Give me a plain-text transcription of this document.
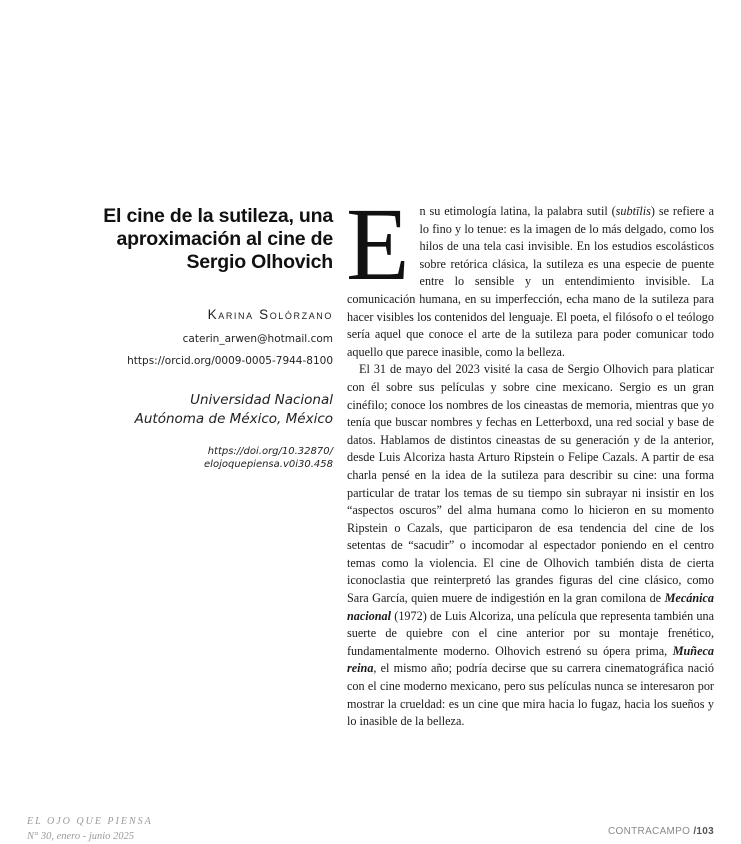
El cine de la sutileza, una aproximación al cine de Sergio Olhovich
Karina Solórzano
caterin_arwen@hotmail.com
https://orcid.org/0009-0005-7944-8100
Universidad Nacional
Autónoma de México, México
https://doi.org/10.32870/
elojoquepiensa.v0i30.458

En su etimología latina, la palabra sutil (subtīlis) se refiere a lo fino y lo tenue: es la imagen de lo más delgado, como los hilos de una tela casi invisible. En los estudios escolásticos sobre retórica clásica, la sutileza es una especie de puente entre lo sensible y un entendimiento invisible. La comunicación humana, en su imperfección, echa mano de la sutileza para hacer visibles los contenidos del lenguaje. El poeta, el filósofo o el teólogo sería aquel que conoce el arte de la sutileza para poder comunicar todo aquello que parece inasible, como la belleza.

El 31 de mayo del 2023 visité la casa de Sergio Olhovich para platicar con él sobre sus películas y sobre cine mexicano. Sergio es un gran cinéfilo; conoce los nombres de los cineastas de memoria, mientras que yo tenía que buscar nombres y fechas en Letterboxd, una red social y base de datos. Hablamos de distintos cineastas de su generación y de la anterior, desde Luis Alcoriza hasta Arturo Ripstein o Felipe Cazals. A partir de esa charla pensé en la idea de la sutileza para describir su cine: una forma particular de tratar los temas de su tiempo sin subrayar ni insistir en los “aspectos oscuros” del alma humana como lo hicieron en su momento Ripstein o Cazals, que participaron de esa tendencia del cine de los setentas de “sacudir” o incomodar al espectador poniendo en el centro temas como la violencia. El cine de Olhovich también dista de cierta iconoclastia que reinterpretó las grandes figuras del cine clásico, como Sara García, quien muere de indigestión en la gran comilona de Mecánica nacional (1972) de Luis Alcoriza, una película que representa también una suerte de quiebre con el cine anterior por su montaje frenético, fundamentalmente moderno. Olhovich estrenó su ópera prima, Muñeca reina, el mismo año; podría decirse que su carrera cinematográfica nació con el cine moderno mexicano, pero sus películas nunca se interesaron por mostrar la crueldad: es un cine que mira hacia lo fugaz, hacia los sueños y lo inasible de la belleza.

EL OJO QUE PIENSA
N° 30, enero - junio 2025	CONTRACAMPO /103
